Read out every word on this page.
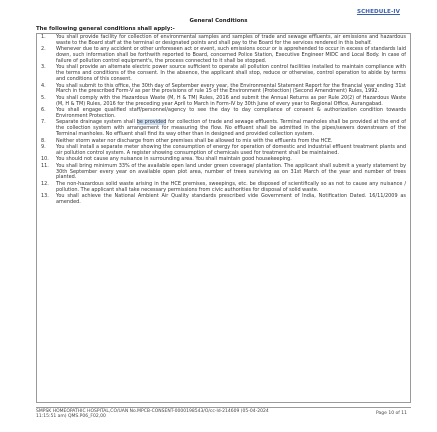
SCHEDULE-IV
General Conditions
The following general conditions shall apply:-
1. You shall provide facility for collection of environmental samples and samples of trade and sewage effluents, air emissions and hazardous waste to the Board staff at the terminal or designated points and shall pay to the Board for the services rendered in this behalf.
2. Whenever due to any accident or other unforeseen act or event, such emissions occur or is apprehended to occur in excess of standards laid down, such information shall be forthwith reported to Board, concerned Police Station, Executive Engineer MIDC and Local Body. In case of failure of pollution control equipment's, the process connected to it shall be stopped.
3. You shall provide an alternate electric power source sufficient to operate all pollution control facilities installed to maintain compliance with the terms and conditions of the consent. In the absence, the applicant shall stop, reduce or otherwise, control operation to abide by terms and conditions of this consent.
4. You shall submit to this office, the 30th day of September every year, the Environmental Statement Report for the financial year ending 31st March in the prescribed Form-V as per the provisions of rule 15 of the Environment (Protection) (Second Amendment) Rules, 1992.
5. You shall comply with the Hazardous Waste (M, H & TM) Rules, 2016 and submit the Annual Returns as per Rule 20(2) of Hazardous Waste (M, H & TM) Rules, 2016 for the preceding year April to March in Form-IV by 30th June of every year to Regional Office, Aurangabad.
6. You shall engage qualified staff/personnel/agency to see the day to day compliance of consent & authorization condition towards Environment Protection.
7. Separate drainage system shall be provided for collection of trade and sewage effluents. Terminal manholes shall be provided at the end of the collection system with arrangement for measuring the flow. No effluent shall be admitted in the pipes/sewers downstream of the Terminal manholes. No effluent shall find its way other than in designed and provided collection system.
8. Neither storm water nor discharge from other premises shall be allowed to mix with the effluents from the HCE.
9. You shall install a separate meter showing the consumption of energy for operation of domestic and industrial effluent treatment plants and air pollution control system. A register showing consumption of chemicals used for treatment shall be maintained.
10. You should not cause any nuisance in surrounding area. You shall maintain good housekeeping.
11. You shall bring minimum 33% of the available open land under green coverage/ plantation. The applicant shall submit a yearly statement by 30th September every year on available open plot area, number of trees surviving as on 31st March of the year and number of trees planted.
12. The non-hazardous solid waste arising in the HCE premises, sweepings, etc. be disposed of scientifically so as not to cause any nuisance / pollution. The applicant shall take necessary permissions from civic authorities for disposal of solid waste.
13. You shall achieve the National Ambient Air Quality standards prescribed vide Government of India, Notification Dated. 16/11/2009 as amended.
SMPSK HOMEOPATHIC HOSPITAL,CO/UAN No.MPCB-CONSENT-0000198543/O/cc-ld-214609 (05-04-2024
11:15:51 am) QMS.P06_F02,00
Page 10 of 11
